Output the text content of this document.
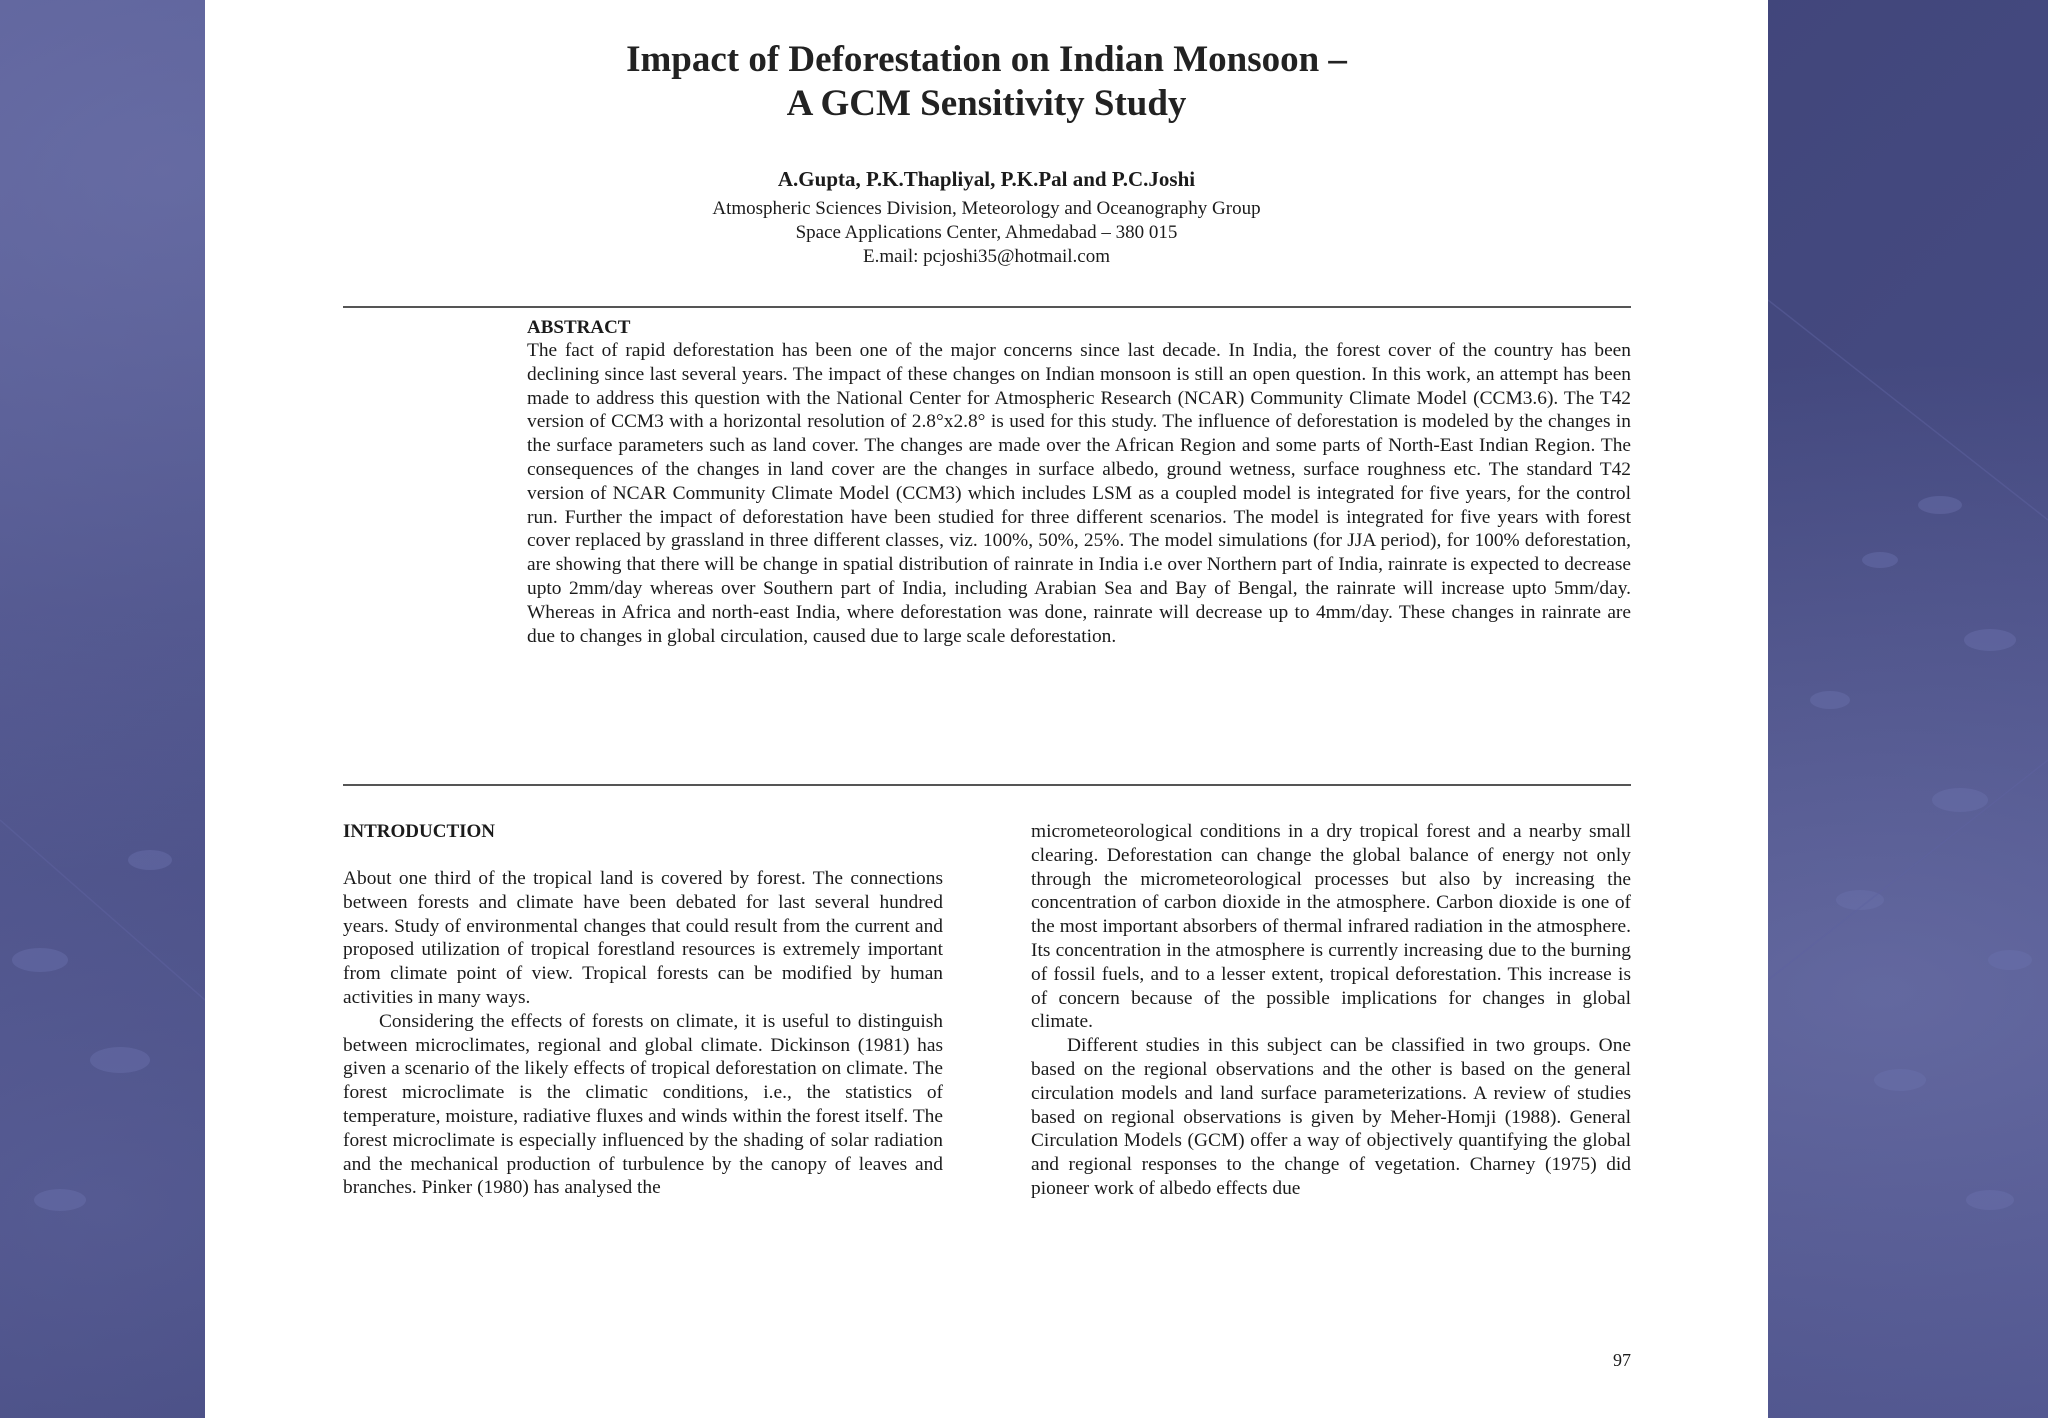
Impact of Deforestation on Indian Monsoon –
A GCM Sensitivity Study
A.Gupta, P.K.Thapliyal, P.K.Pal and P.C.Joshi
Atmospheric Sciences Division, Meteorology and Oceanography Group
Space Applications Center, Ahmedabad – 380 015
E.mail: pcjoshi35@hotmail.com
ABSTRACT
The fact of rapid deforestation has been one of the major concerns since last decade. In India, the forest cover of the country has been declining since last several years. The impact of these changes on Indian monsoon is still an open question. In this work, an attempt has been made to address this question with the National Center for Atmospheric Research (NCAR) Community Climate Model (CCM3.6). The T42 version of CCM3 with a horizontal resolution of 2.8°x2.8° is used for this study. The influence of deforestation is modeled by the changes in the surface parameters such as land cover. The changes are made over the African Region and some parts of North-East Indian Region. The consequences of the changes in land cover are the changes in surface albedo, ground wetness, surface roughness etc. The standard T42 version of NCAR Community Climate Model (CCM3) which includes LSM as a coupled model is integrated for five years, for the control run. Further the impact of deforestation have been studied for three different scenarios. The model is integrated for five years with forest cover replaced by grassland in three different classes, viz. 100%, 50%, 25%. The model simulations (for JJA period), for 100% deforestation, are showing that there will be change in spatial distribution of rainrate in India i.e over Northern part of India, rainrate is expected to decrease upto 2mm/day whereas over Southern part of India, including Arabian Sea and Bay of Bengal, the rainrate will increase upto 5mm/day. Whereas in Africa and north-east India, where deforestation was done, rainrate will decrease up to 4mm/day. These changes in rainrate are due to changes in global circulation, caused due to large scale deforestation.
INTRODUCTION

About one third of the tropical land is covered by forest. The connections between forests and climate have been debated for last several hundred years. Study of environmental changes that could result from the current and proposed utilization of tropical forestland resources is extremely important from climate point of view. Tropical forests can be modified by human activities in many ways.

Considering the effects of forests on climate, it is useful to distinguish between microclimates, regional and global climate. Dickinson (1981) has given a scenario of the likely effects of tropical deforestation on climate. The forest microclimate is the climatic conditions, i.e., the statistics of temperature, moisture, radiative fluxes and winds within the forest itself. The forest microclimate is especially influenced by the shading of solar radiation and the mechanical production of turbulence by the canopy of leaves and branches. Pinker (1980) has analysed the

micrometeorological conditions in a dry tropical forest and a nearby small clearing. Deforestation can change the global balance of energy not only through the micrometeorological processes but also by increasing the concentration of carbon dioxide in the atmosphere. Carbon dioxide is one of the most important absorbers of thermal infrared radiation in the atmosphere. Its concentration in the atmosphere is currently increasing due to the burning of fossil fuels, and to a lesser extent, tropical deforestation. This increase is of concern because of the possible implications for changes in global climate.

Different studies in this subject can be classified in two groups. One based on the regional observations and the other is based on the general circulation models and land surface parameterizations. A review of studies based on regional observations is given by Meher-Homji (1988). General Circulation Models (GCM) offer a way of objectively quantifying the global and regional responses to the change of vegetation. Charney (1975) did pioneer work of albedo effects due

97
